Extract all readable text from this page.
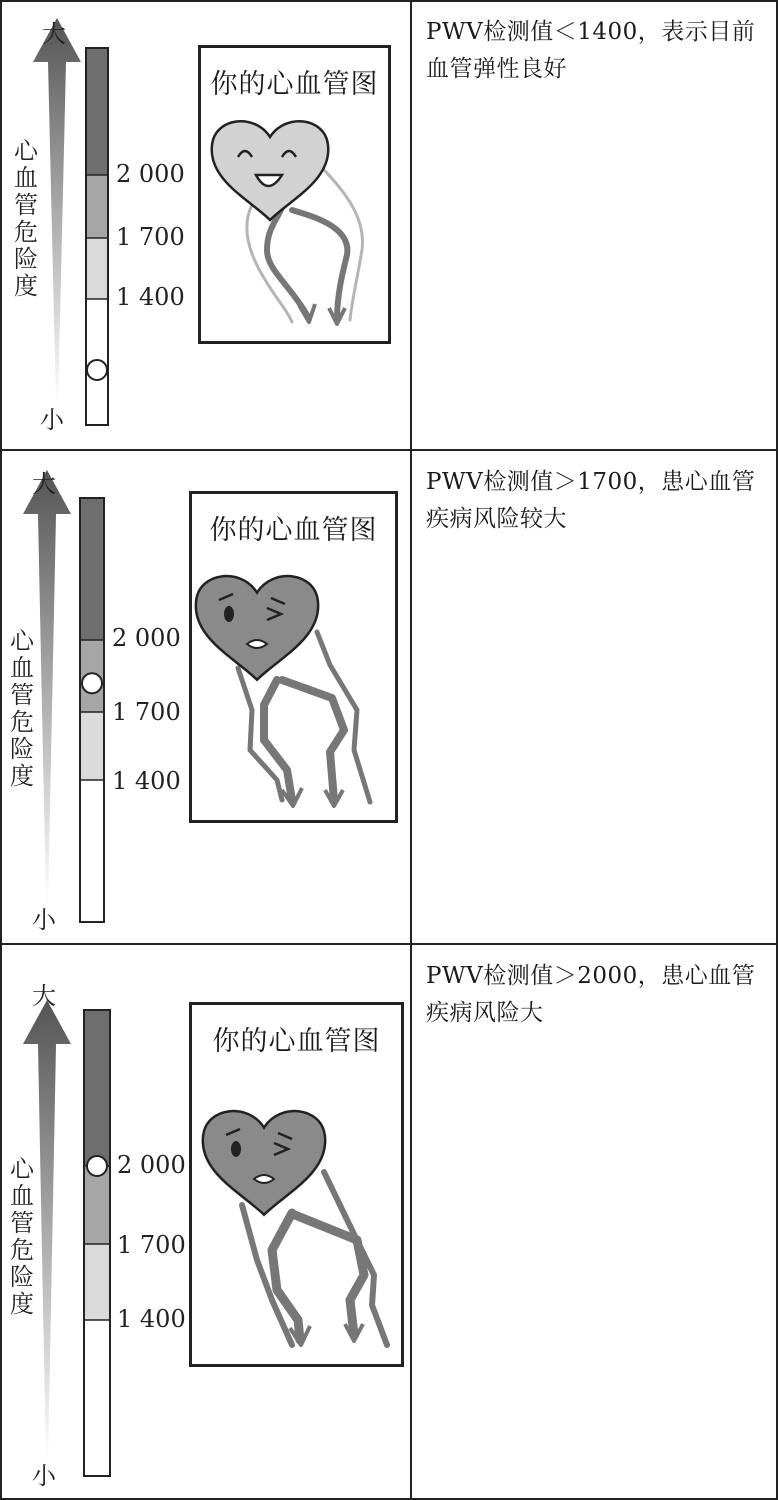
大
小
心血管危险度
2 000
1 700
1 400
你的心血管图
PWV检测值＜1400，表示目前血管弹性良好
大
小
心血管危险度
2 000
1 700
1 400
你的心血管图
PWV检测值＞1700，患心血管疾病风险较大
大
小
心血管危险度
2 000
1 700
1 400
你的心血管图
PWV检测值＞2000，患心血管疾病风险大
